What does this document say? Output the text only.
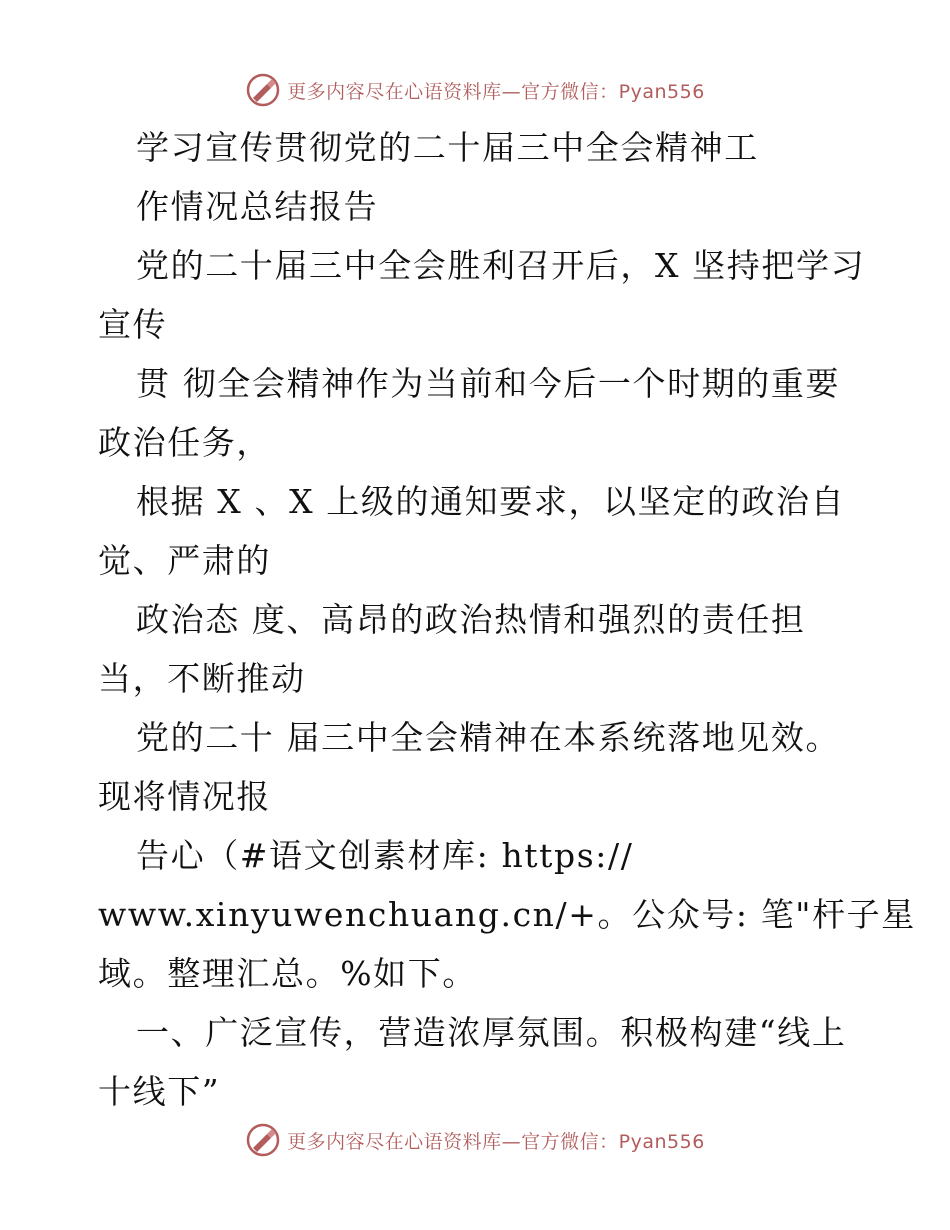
更多内容尽在心语资料库—官方微信：Pyan556
学习宣传贯彻党的二十届三中全会精神工
作情况总结报告
党的二十届三中全会胜利召开后，X 坚持把学习
宣传
贯 彻全会精神作为当前和今后一个时期的重要
政治任务，
根据 X 、X 上级的通知要求，以坚定的政治自
觉、严肃的
政治态 度、高昂的政治热情和强烈的责任担
当，不断推动
党的二十 届三中全会精神在本系统落地见效。
现将情况报
告心（#语文创素材库: https://
www.xinyuwenchuang.cn/+。公众号: 笔"杆子星
域。整理汇总。%如下。
一、广泛宣传，营造浓厚氛围。积极构建“线上
十线下”
更多内容尽在心语资料库—官方微信：Pyan556
